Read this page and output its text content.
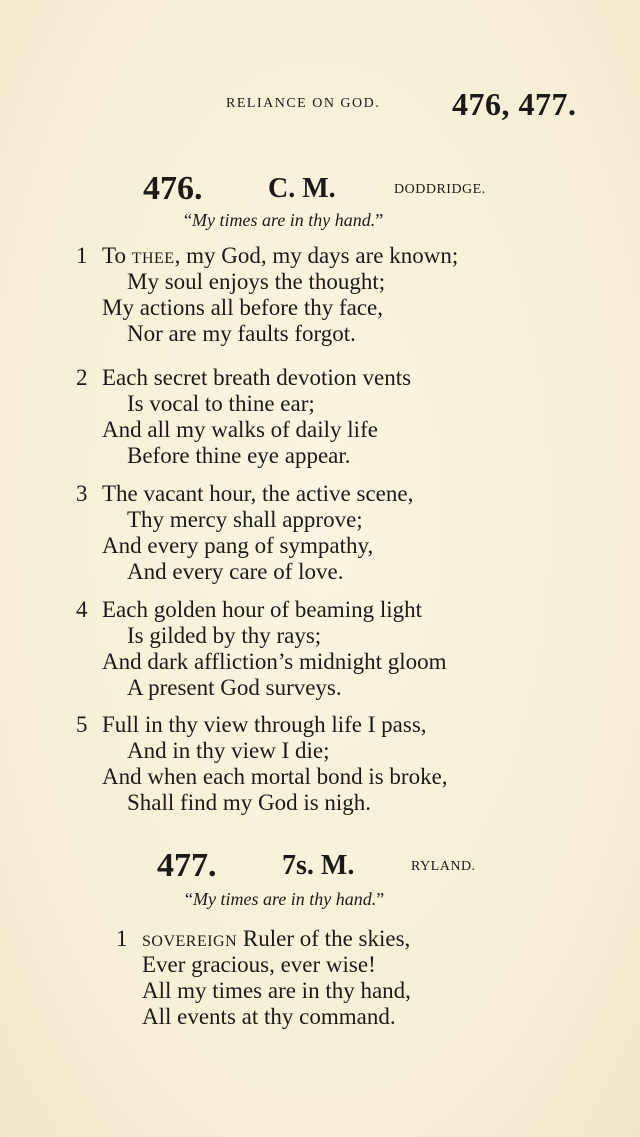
RELIANCE ON GOD. 476, 477.
476. C. M.	DODDRIDGE.
“My times are in thy hand.”
1 To THEE, my God, my days are known;
My soul enjoys the thought;
My actions all before thy face,
Nor are my faults forgot.
2 Each secret breath devotion vents
Is vocal to thine ear;
And all my walks of daily life
Before thine eye appear.
3 The vacant hour, the active scene,
Thy mercy shall approve;
And every pang of sympathy,
And every care of love.
4 Each golden hour of beaming light
Is gilded by thy rays;
And dark affliction’s midnight gloom
A present God surveys.
5 Full in thy view through life I pass,
And in thy view I die;
And when each mortal bond is broke,
Shall find my God is nigh.
477. 7s. M.	RYLAND.
“My times are in thy hand.”
1 SOVEREIGN Ruler of the skies,
Ever gracious, ever wise!
All my times are in thy hand,
All events at thy command.
